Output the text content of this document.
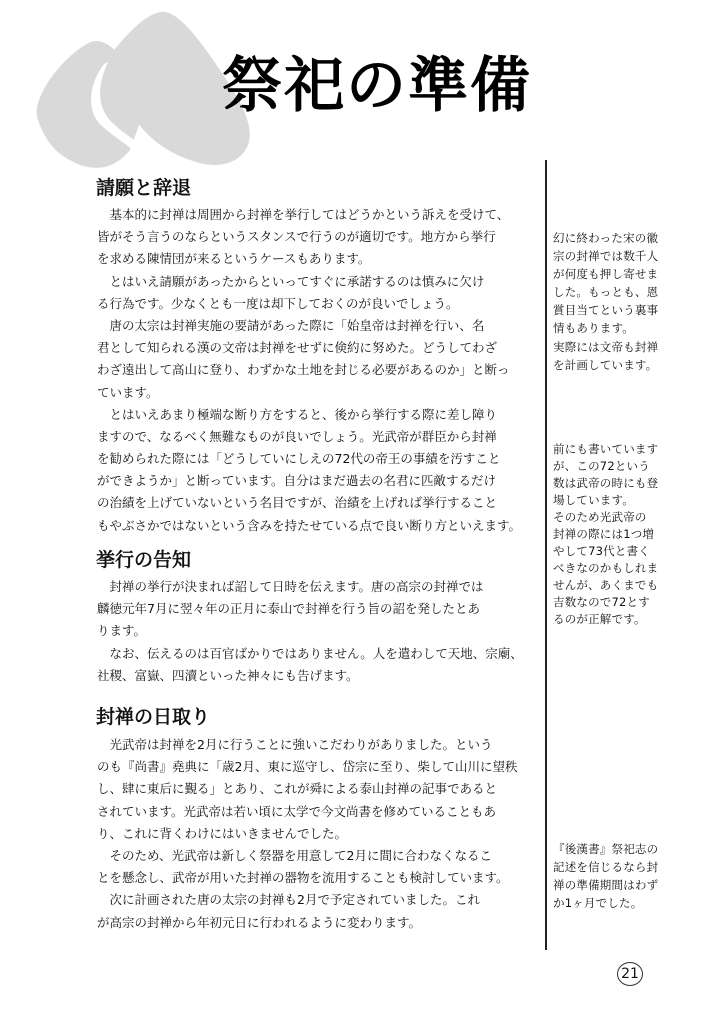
祭祀の準備
請願と辞退
　基本的に封禅は周囲から封禅を挙行してはどうかという訴えを受けて、
皆がそう言うのならというスタンスで行うのが適切です。地方から挙行
を求める陳情団が来るというケースもあります。
　とはいえ請願があったからといってすぐに承諾するのは慎みに欠け
る行為です。少なくとも一度は却下しておくのが良いでしょう。
　唐の太宗は封禅実施の要請があった際に「始皇帝は封禅を行い、名
君として知られる漢の文帝は封禅をせずに倹約に努めた。どうしてわざ
わざ遠出して高山に登り、わずかな土地を封じる必要があるのか」と断っ
ています。
　とはいえあまり極端な断り方をすると、後から挙行する際に差し障り
ますので、なるべく無難なものが良いでしょう。光武帝が群臣から封禅
を勧められた際には「どうしていにしえの72代の帝王の事績を汚すこと
ができようか」と断っています。自分はまだ過去の名君に匹敵するだけ
の治績を上げていないという名目ですが、治績を上げれば挙行すること
もやぶさかではないという含みを持たせている点で良い断り方といえます。
挙行の告知
　封禅の挙行が決まれば詔して日時を伝えます。唐の高宗の封禅では
麟徳元年7月に翌々年の正月に泰山で封禅を行う旨の詔を発したとあ
ります。
　なお、伝えるのは百官ばかりではありません。人を遣わして天地、宗廟、
社稷、富嶽、四瀆といった神々にも告げます。
封禅の日取り
　光武帝は封禅を2月に行うことに強いこだわりがありました。という
のも『尚書』堯典に「歳2月、東に巡守し、岱宗に至り、柴して山川に望秩
し、肆に東后に覲る」とあり、これが舜による泰山封禅の記事であると
されています。光武帝は若い頃に太学で今文尚書を修めていることもあ
り、これに背くわけにはいきませんでした。
　そのため、光武帝は新しく祭器を用意して2月に間に合わなくなるこ
とを懸念し、武帝が用いた封禅の器物を流用することも検討しています。
　次に計画された唐の太宗の封禅も2月で予定されていました。これ
が高宗の封禅から年初元日に行われるように変わります。
幻に終わった宋の徽
宗の封禅では数千人
が何度も押し寄せま
した。もっとも、恩
賞目当てという裏事
情もあります。
実際には文帝も封禅
を計画しています。
前にも書いています
が、この72という
数は武帝の時にも登
場しています。
そのため光武帝の
封禅の際には1つ増
やして73代と書く
べきなのかもしれま
せんが、あくまでも
吉数なので72とす
るのが正解です。
『後漢書』祭祀志の
記述を信じるなら封
禅の準備期間はわず
か1ヶ月でした。
21
